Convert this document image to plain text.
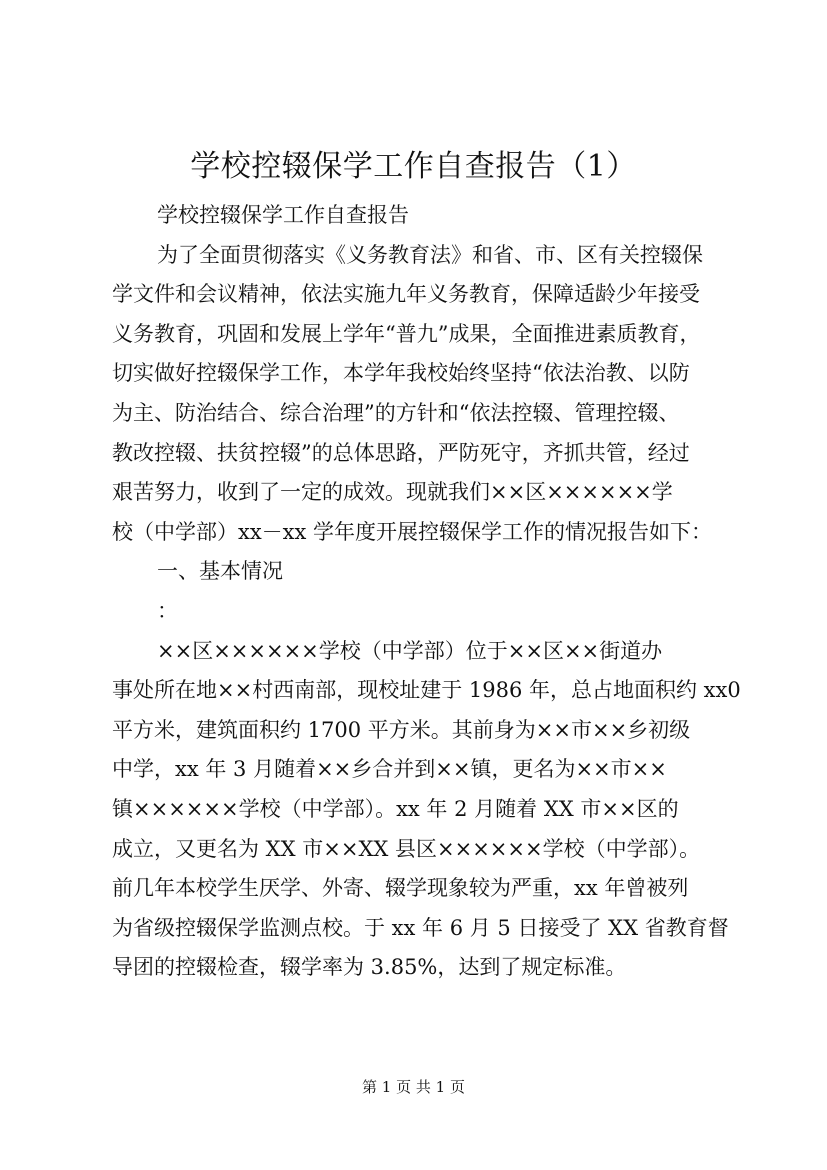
学校控辍保学工作自查报告（1）
学校控辍保学工作自查报告
为了全面贯彻落实《义务教育法》和省、市、区有关控辍保
学文件和会议精神，依法实施九年义务教育，保障适龄少年接受
义务教育，巩固和发展上学年“普九”成果，全面推进素质教育，
切实做好控辍保学工作，本学年我校始终坚持“依法治教、以防
为主、防治结合、综合治理”的方针和“依法控辍、管理控辍、
教改控辍、扶贫控辍”的总体思路，严防死守，齐抓共管，经过
艰苦努力，收到了一定的成效。现就我们××区××××××学
校（中学部）xx－xx 学年度开展控辍保学工作的情况报告如下：
一、基本情况
：
××区××××××学校（中学部）位于××区××街道办
事处所在地××村西南部，现校址建于 1986 年，总占地面积约 xx0
平方米，建筑面积约 1700 平方米。其前身为××市××乡初级
中学，xx 年 3 月随着××乡合并到××镇，更名为××市××
镇××××××学校（中学部）。xx 年 2 月随着 XX 市××区的
成立，又更名为 XX 市××XX 县区××××××学校（中学部）。
前几年本校学生厌学、外寄、辍学现象较为严重，xx 年曾被列
为省级控辍保学监测点校。于 xx 年 6 月 5 日接受了 XX 省教育督
导团的控辍检查，辍学率为 3.85%，达到了规定标准。
第 1 页 共 1 页
